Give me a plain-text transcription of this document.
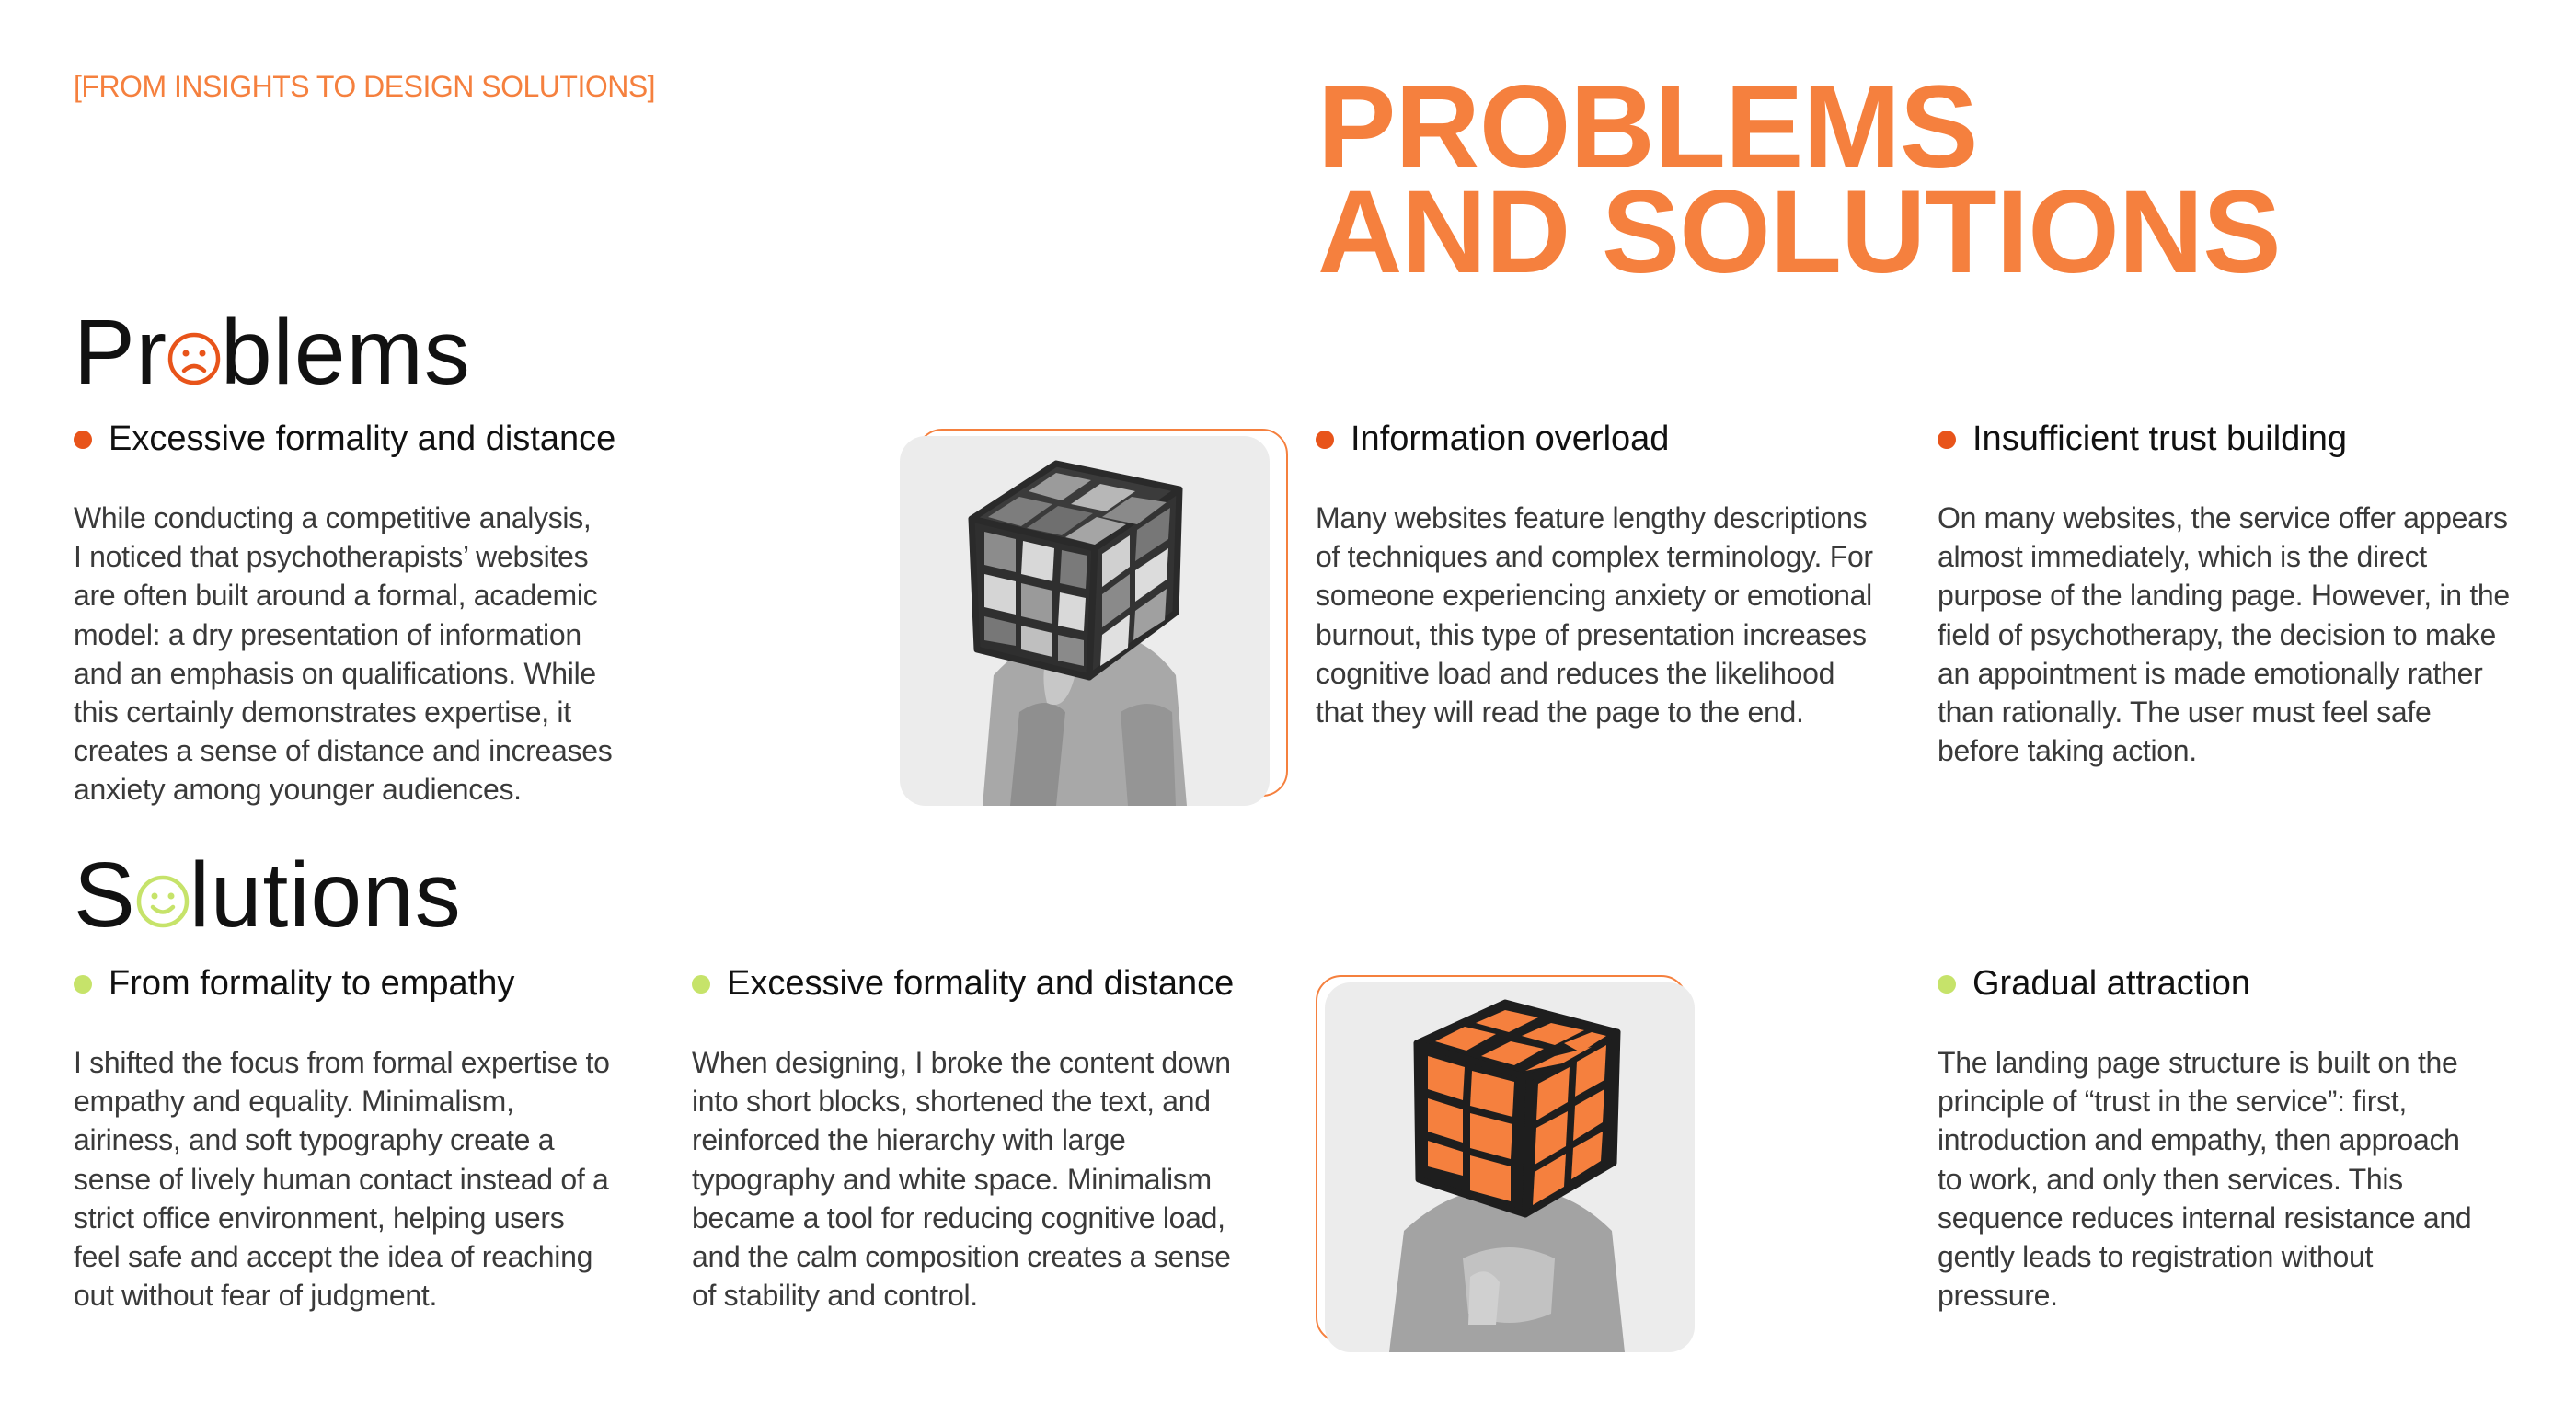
[FROM INSIGHTS TO DESIGN SOLUTIONS]	PROBLEMS
AND SOLUTIONS
Pr blems
Excessive formality and distance
While conducting a competitive analysis,
I noticed that psychotherapists’ websites
are often built around a formal, academic
model: a dry presentation of information
and an emphasis on qualifications. While
this certainly demonstrates expertise, it
creates a sense of distance and increases
anxiety among younger audiences.
Information overload
Many websites feature lengthy descriptions
of techniques and complex terminology. For
someone experiencing anxiety or emotional
burnout, this type of presentation increases
cognitive load and reduces the likelihood
that they will read the page to the end.
Insufficient trust building
On many websites, the service offer appears
almost immediately, which is the direct
purpose of the landing page. However, in the
field of psychotherapy, the decision to make
an appointment is made emotionally rather
than rationally. The user must feel safe
before taking action.
S lutions
From formality to empathy
I shifted the focus from formal expertise to
empathy and equality. Minimalism,
airiness, and soft typography create a
sense of lively human contact instead of a
strict office environment, helping users
feel safe and accept the idea of reaching
out without fear of judgment.
Excessive formality and distance
When designing, I broke the content down
into short blocks, shortened the text, and
reinforced the hierarchy with large
typography and white space. Minimalism
became a tool for reducing cognitive load,
and the calm composition creates a sense
of stability and control.
Gradual attraction
The landing page structure is built on the
principle of “trust in the service”: first,
introduction and empathy, then approach
to work, and only then services. This
sequence reduces internal resistance and
gently leads to registration without
pressure.
